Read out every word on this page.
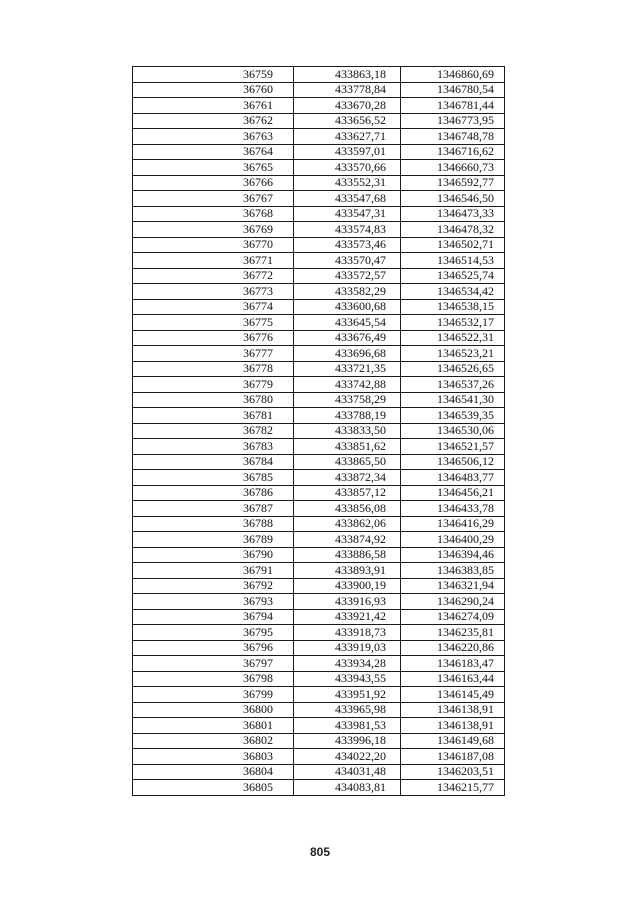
36759	433863,18	1346860,69
36760	433778,84	1346780,54
36761	433670,28	1346781,44
36762	433656,52	1346773,95
36763	433627,71	1346748,78
36764	433597,01	1346716,62
36765	433570,66	1346660,73
36766	433552,31	1346592,77
36767	433547,68	1346546,50
36768	433547,31	1346473,33
36769	433574,83	1346478,32
36770	433573,46	1346502,71
36771	433570,47	1346514,53
36772	433572,57	1346525,74
36773	433582,29	1346534,42
36774	433600,68	1346538,15
36775	433645,54	1346532,17
36776	433676,49	1346522,31
36777	433696,68	1346523,21
36778	433721,35	1346526,65
36779	433742,88	1346537,26
36780	433758,29	1346541,30
36781	433788,19	1346539,35
36782	433833,50	1346530,06
36783	433851,62	1346521,57
36784	433865,50	1346506,12
36785	433872,34	1346483,77
36786	433857,12	1346456,21
36787	433856,08	1346433,78
36788	433862,06	1346416,29
36789	433874,92	1346400,29
36790	433886,58	1346394,46
36791	433893,91	1346383,85
36792	433900,19	1346321,94
36793	433916,93	1346290,24
36794	433921,42	1346274,09
36795	433918,73	1346235,81
36796	433919,03	1346220,86
36797	433934,28	1346183,47
36798	433943,55	1346163,44
36799	433951,92	1346145,49
36800	433965,98	1346138,91
36801	433981,53	1346138,91
36802	433996,18	1346149,68
36803	434022,20	1346187,08
36804	434031,48	1346203,51
36805	434083,81	1346215,77
805
